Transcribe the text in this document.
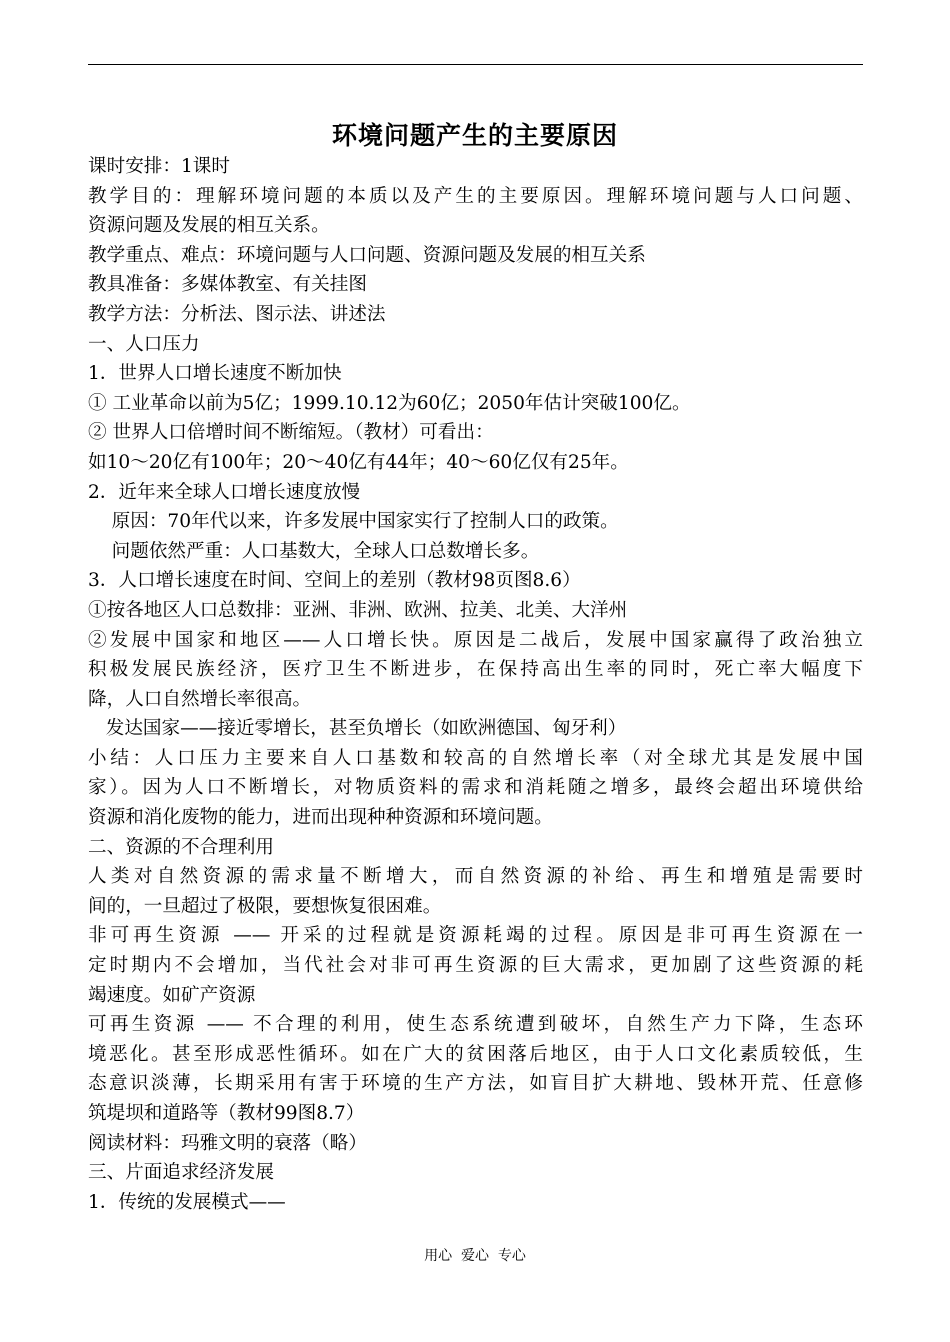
环境问题产生的主要原因
课时安排：1课时
教学目的：理解环境问题的本质以及产生的主要原因。理解环境问题与人口问题、
资源问题及发展的相互关系。
教学重点、难点：环境问题与人口问题、资源问题及发展的相互关系
教具准备：多媒体教室、有关挂图
教学方法：分析法、图示法、讲述法
一、人口压力
1．世界人口增长速度不断加快
① 工业革命以前为5亿；1999.10.12为60亿；2050年估计突破100亿。
② 世界人口倍增时间不断缩短。（教材）可看出：
如10～20亿有100年；20～40亿有44年；40～60亿仅有25年。
2．近年来全球人口增长速度放慢
原因：70年代以来，许多发展中国家实行了控制人口的政策。
问题依然严重：人口基数大，全球人口总数增长多。
3．人口增长速度在时间、空间上的差别（教材98页图8.6）
①按各地区人口总数排：亚洲、非洲、欧洲、拉美、北美、大洋州
②发展中国家和地区——人口增长快。原因是二战后，发展中国家赢得了政治独立
积极发展民族经济，医疗卫生不断进步，在保持高出生率的同时，死亡率大幅度下
降，人口自然增长率很高。
发达国家——接近零增长，甚至负增长（如欧洲德国、匈牙利）
小结：人口压力主要来自人口基数和较高的自然增长率（对全球尤其是发展中国
家）。因为人口不断增长，对物质资料的需求和消耗随之增多，最终会超出环境供给
资源和消化废物的能力，进而出现种种资源和环境问题。
二、资源的不合理利用
人类对自然资源的需求量不断增大，而自然资源的补给、再生和增殖是需要时
间的，一旦超过了极限，要想恢复很困难。
非可再生资源 —— 开采的过程就是资源耗竭的过程。原因是非可再生资源在一
定时期内不会增加，当代社会对非可再生资源的巨大需求，更加剧了这些资源的耗
竭速度。如矿产资源
可再生资源 —— 不合理的利用，使生态系统遭到破坏，自然生产力下降，生态环
境恶化。甚至形成恶性循环。如在广大的贫困落后地区，由于人口文化素质较低，生
态意识淡薄，长期采用有害于环境的生产方法，如盲目扩大耕地、毁林开荒、任意修
筑堤坝和道路等（教材99图8.7）
阅读材料：玛雅文明的衰落（略）
三、片面追求经济发展
1．传统的发展模式——
用心  爱心  专心
